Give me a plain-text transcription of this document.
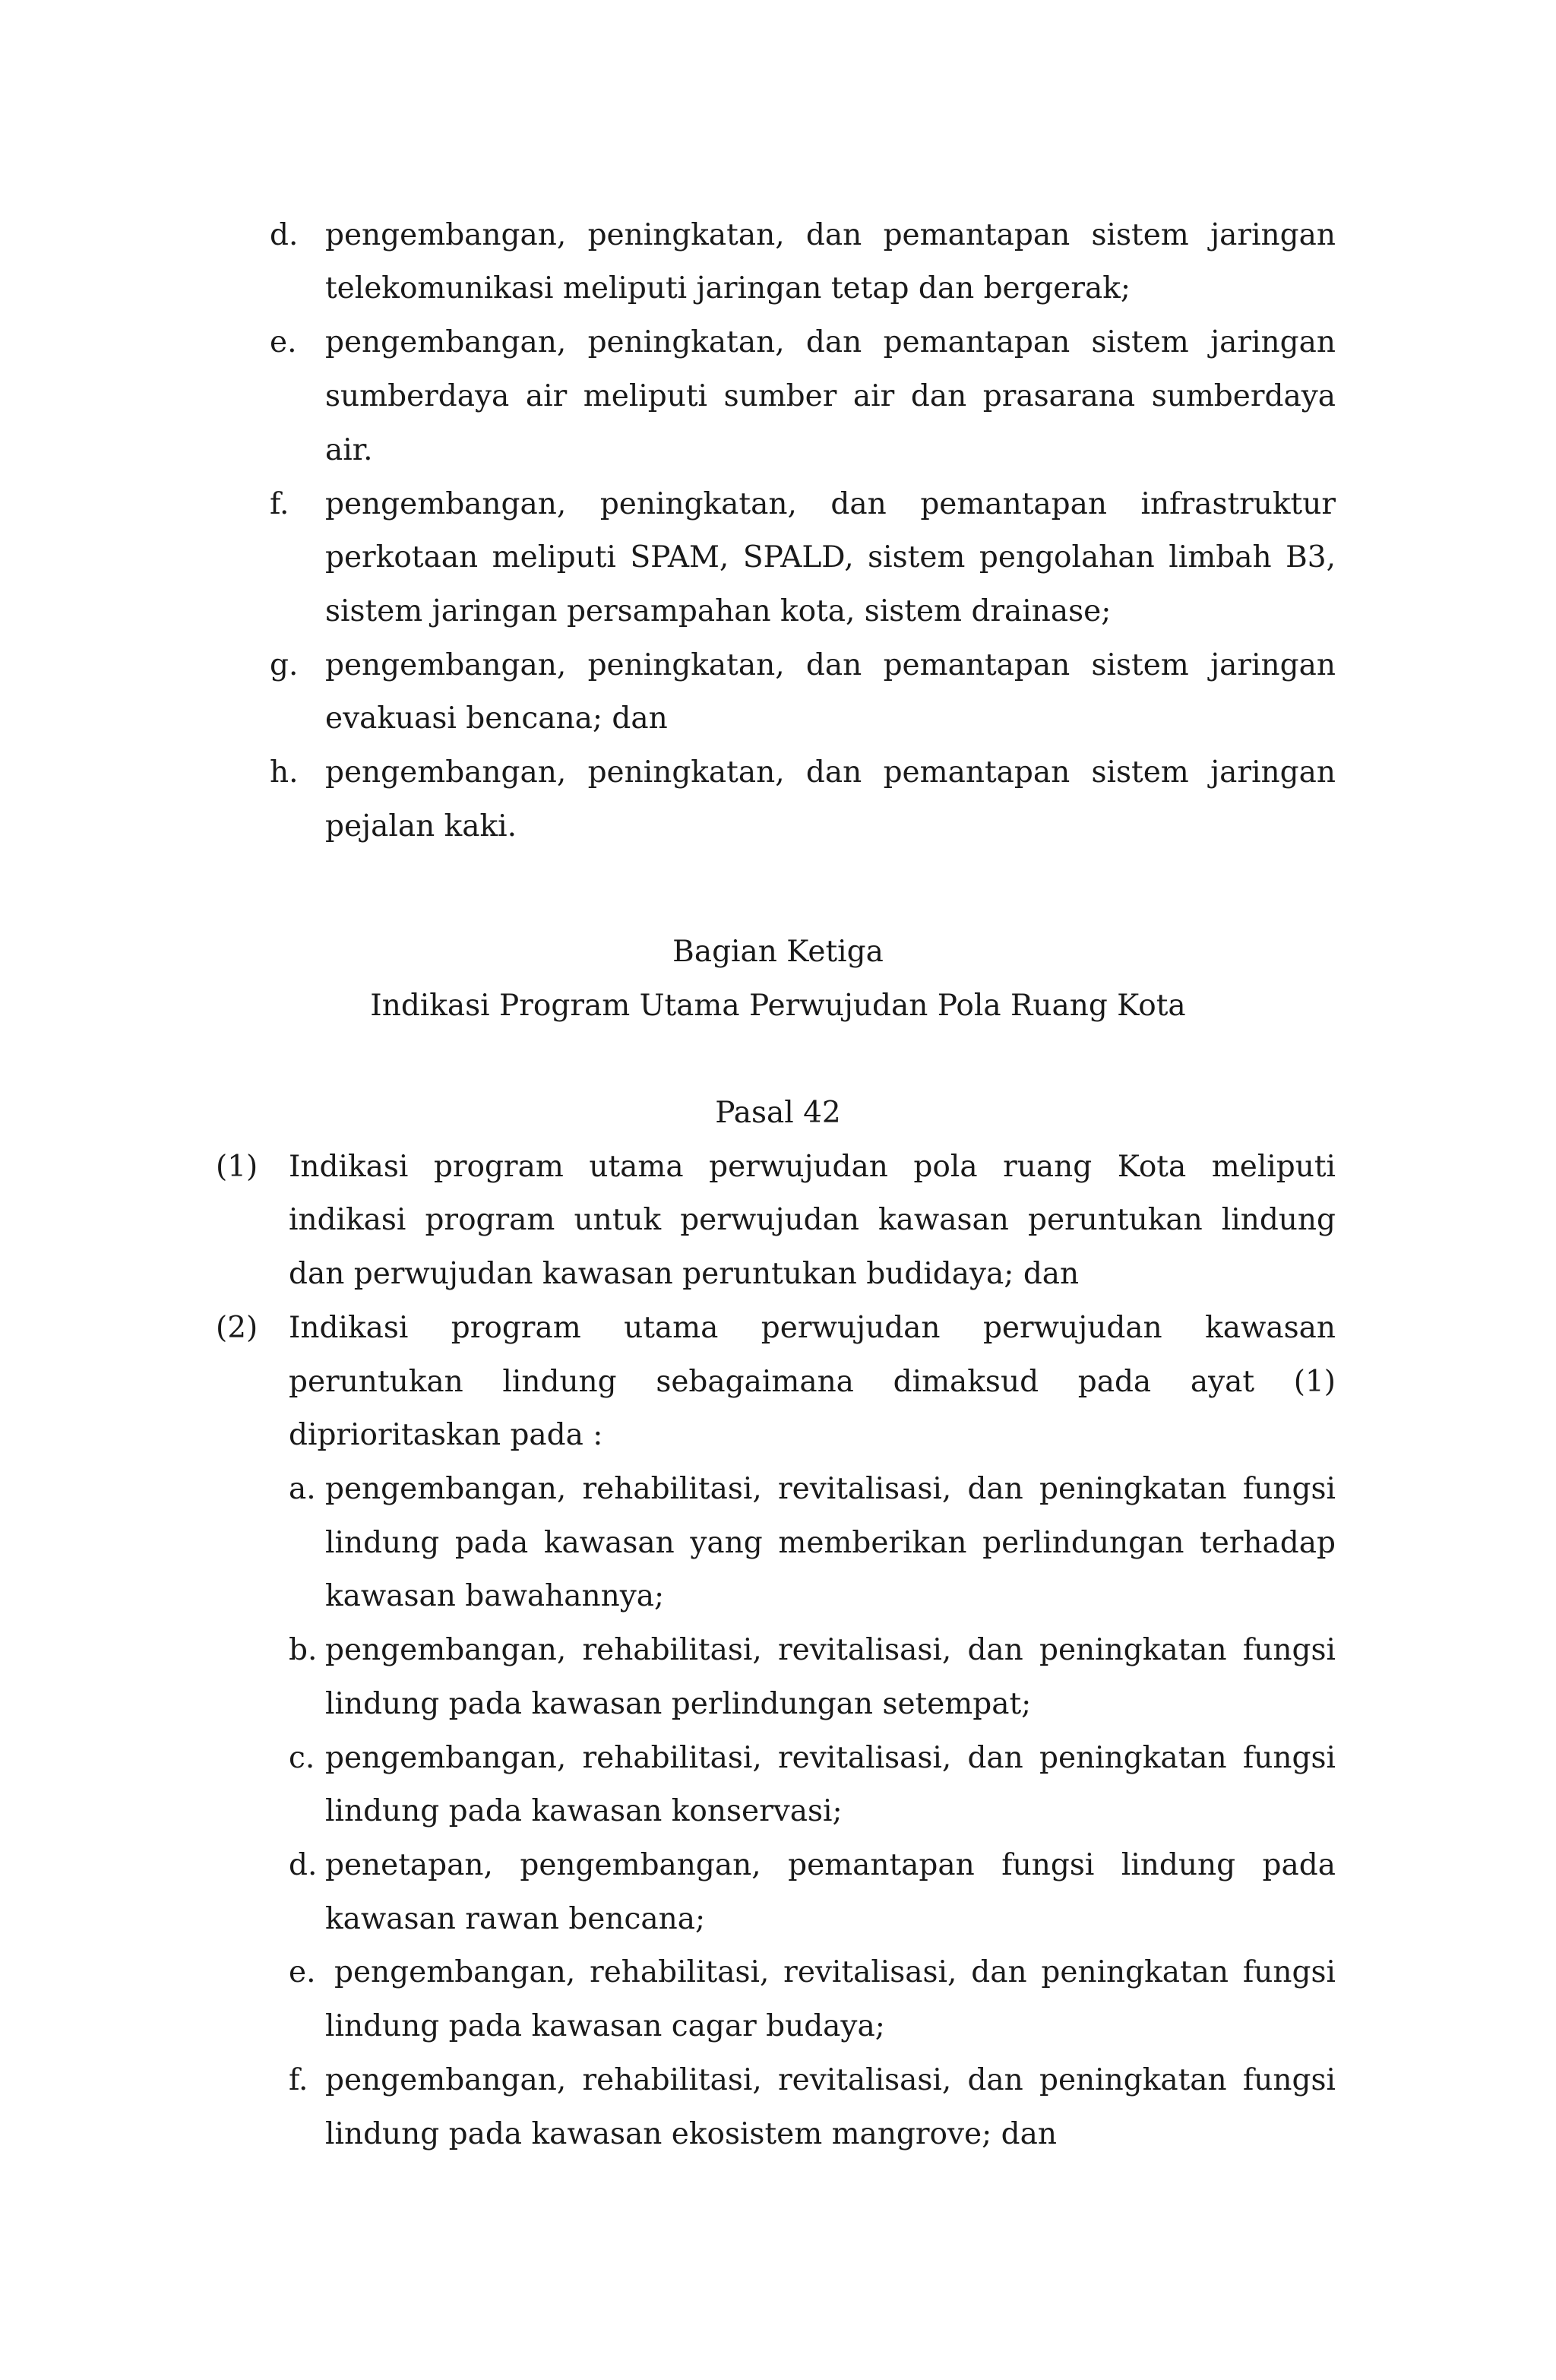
d. pengembangan, peningkatan, dan pemantapan sistem jaringan
telekomunikasi meliputi jaringan tetap dan bergerak;
e. pengembangan, peningkatan, dan pemantapan sistem jaringan
sumberdaya air meliputi sumber air dan prasarana sumberdaya
air.
f. pengembangan, peningkatan, dan pemantapan infrastruktur
perkotaan meliputi SPAM, SPALD, sistem pengolahan limbah B3,
sistem jaringan persampahan kota, sistem drainase;
g. pengembangan, peningkatan, dan pemantapan sistem jaringan
evakuasi bencana; dan
h. pengembangan, peningkatan, dan pemantapan sistem jaringan
pejalan kaki.
Bagian Ketiga
Indikasi Program Utama Perwujudan Pola Ruang Kota
Pasal 42
(1) Indikasi program utama perwujudan pola ruang Kota meliputi
indikasi program untuk perwujudan kawasan peruntukan lindung
dan perwujudan kawasan peruntukan budidaya; dan
(2) Indikasi program utama perwujudan perwujudan kawasan
peruntukan lindung sebagaimana dimaksud pada ayat (1)
diprioritaskan pada :
a. pengembangan, rehabilitasi, revitalisasi, dan peningkatan fungsi
lindung pada kawasan yang memberikan perlindungan terhadap
kawasan bawahannya;
b. pengembangan, rehabilitasi, revitalisasi, dan peningkatan fungsi
lindung pada kawasan perlindungan setempat;
c. pengembangan, rehabilitasi, revitalisasi, dan peningkatan fungsi
lindung pada kawasan konservasi;
d. penetapan, pengembangan, pemantapan fungsi lindung pada
kawasan rawan bencana;
e. pengembangan, rehabilitasi, revitalisasi, dan peningkatan fungsi
lindung pada kawasan cagar budaya;
f. pengembangan, rehabilitasi, revitalisasi, dan peningkatan fungsi
lindung pada kawasan ekosistem mangrove; dan
